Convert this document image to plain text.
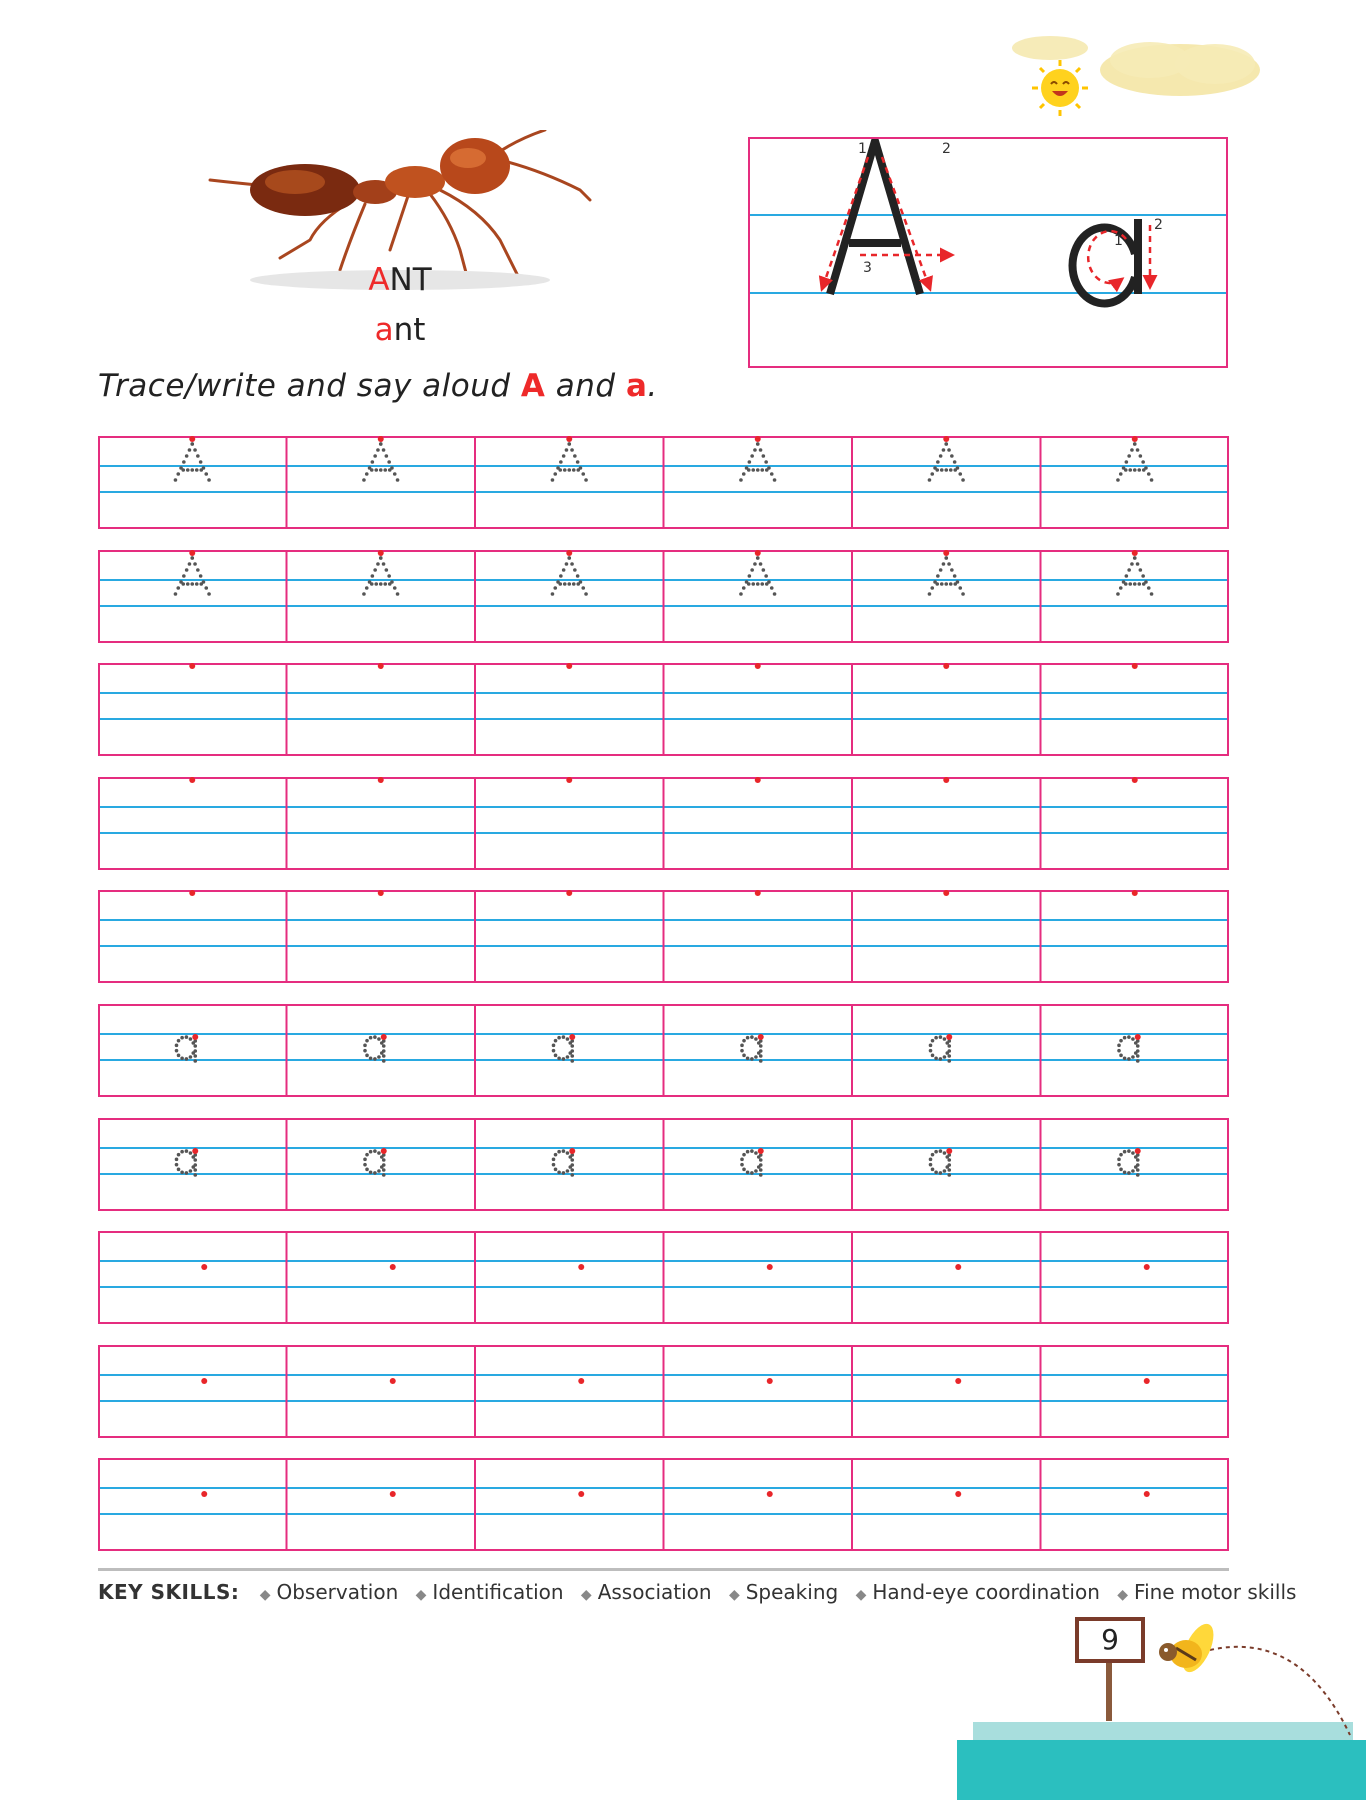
ANT
ant
1	2
3
1
2
Trace/write and say aloud A and a.
KEY SKILLS: ◆ Observation ◆ Identification ◆ Association ◆ Speaking ◆ Hand-eye coordination ◆ Fine motor skills
9
